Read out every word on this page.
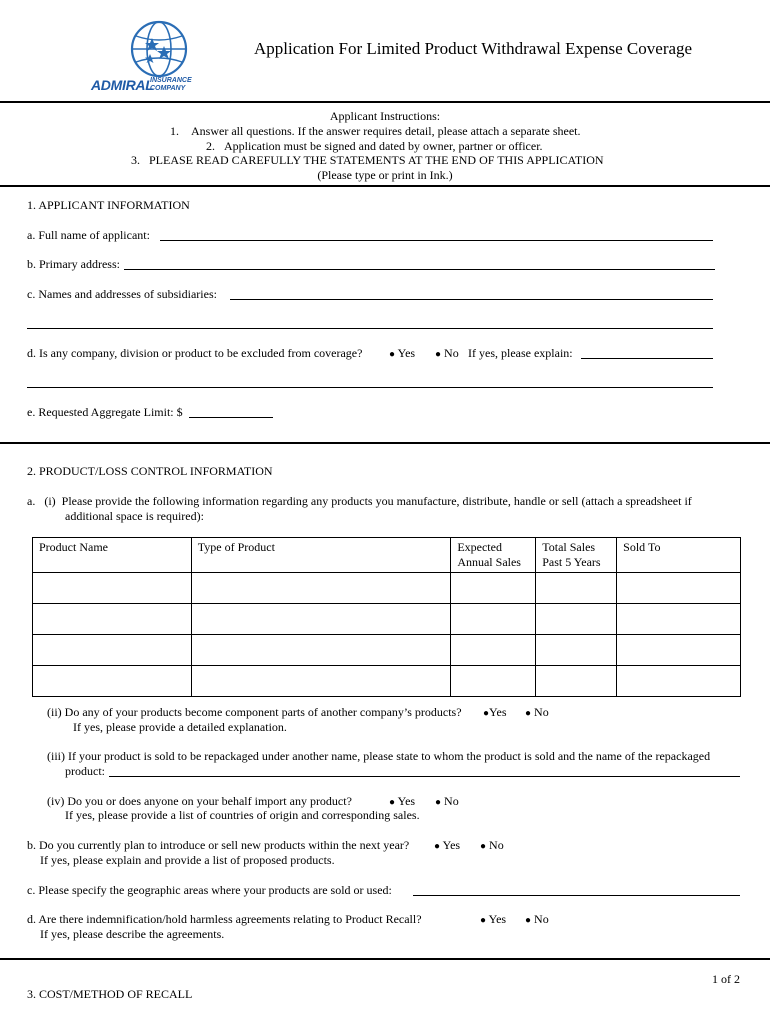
ADMIRAL
INSURANCE
COMPANY
Application For Limited Product Withdrawal Expense Coverage
Applicant Instructions:
1.    Answer all questions. If the answer requires detail, please attach a separate sheet.
2.   Application must be signed and dated by owner, partner or officer.
3.   PLEASE READ CAREFULLY THE STATEMENTS AT THE END OF THIS APPLICATION
(Please type or print in Ink.)
1. APPLICANT INFORMATION
a. Full name of applicant:
b. Primary address:
c. Names and addresses of subsidiaries:
d. Is any company, division or product to be excluded from coverage?	● Yes ● No If yes, please explain:
e. Requested Aggregate Limit: $
2. PRODUCT/LOSS CONTROL INFORMATION
a.   (i)  Please provide the following information regarding any products you manufacture, distribute, handle or sell (attach a spreadsheet if
additional space is required):
Product Name	Type of Product	Expected Annual Sales	Total Sales Past 5 Years	Sold To

(ii) Do any of your products become component parts of another company’s products? ●Yes ● No
If yes, please provide a detailed explanation.
(iii) If your product is sold to be repackaged under another name, please state to whom the product is sold and the name of the repackaged
product:
(iv) Do you or does anyone on your behalf import any product?	● Yes ● No
If yes, please provide a list of countries of origin and corresponding sales.
b. Do you currently plan to introduce or sell new products within the next year? ● Yes ● No
If yes, please explain and provide a list of proposed products.
c. Please specify the geographic areas where your products are sold or used:
d. Are there indemnification/hold harmless agreements relating to Product Recall?	● Yes ● No
If yes, please describe the agreements.
1 of 2
3. COST/METHOD OF RECALL
